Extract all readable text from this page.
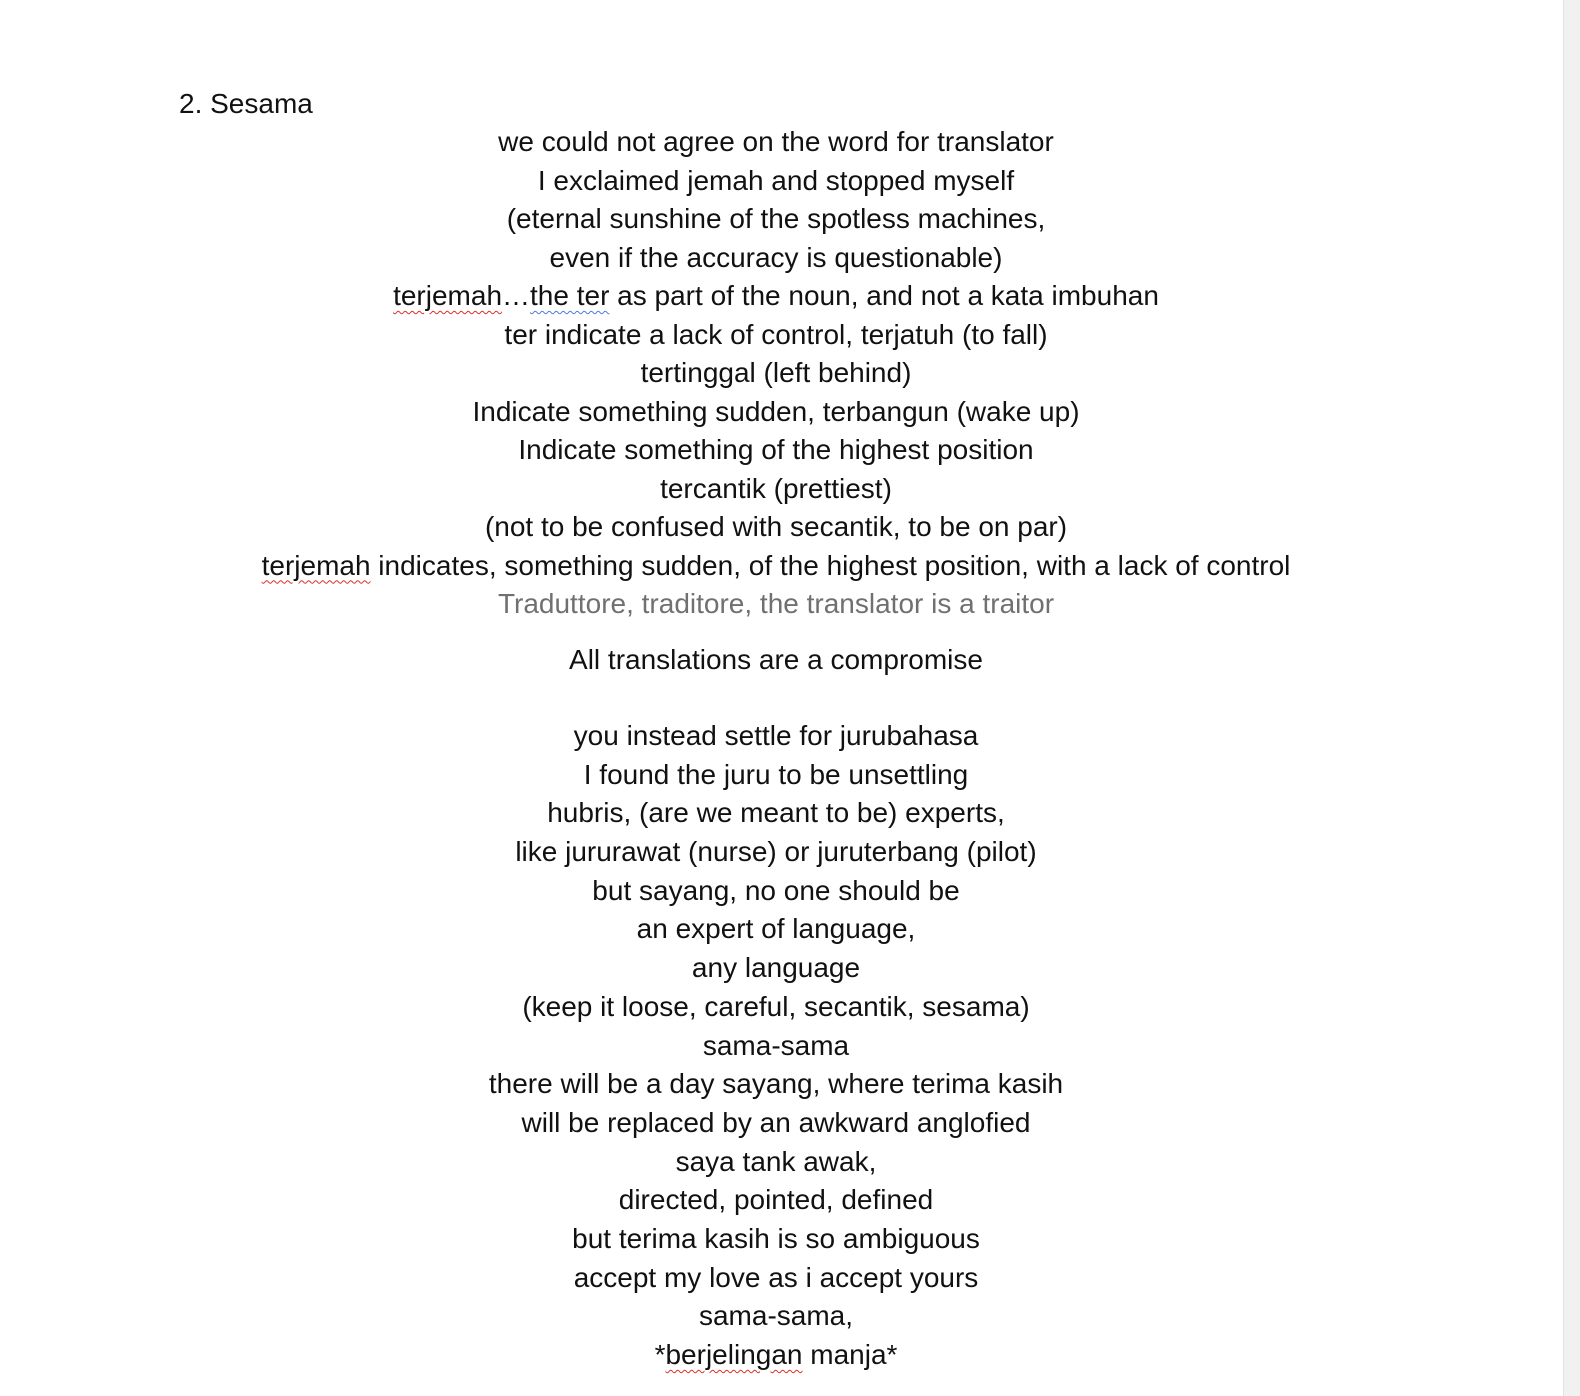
2. Sesama
we could not agree on the word for translator
I exclaimed jemah and stopped myself
(eternal sunshine of the spotless machines,
even if the accuracy is questionable)
terjemah…the ter as part of the noun, and not a kata imbuhan
ter indicate a lack of control, terjatuh (to fall)
tertinggal (left behind)
Indicate something sudden, terbangun (wake up)
Indicate something of the highest position
tercantik (prettiest)
(not to be confused with secantik, to be on par)
terjemah indicates, something sudden, of the highest position, with a lack of control
Traduttore, traditore, the translator is a traitor
All translations are a compromise
you instead settle for jurubahasa
I found the juru to be unsettling
hubris, (are we meant to be) experts,
like jururawat (nurse) or juruterbang (pilot)
but sayang, no one should be
an expert of language,
any language
(keep it loose, careful, secantik, sesama)
sama-sama
there will be a day sayang, where terima kasih
will be replaced by an awkward anglofied
saya tank awak,
directed, pointed, defined
but terima kasih is so ambiguous
accept my love as i accept yours
sama-sama,
*berjelingan manja*
